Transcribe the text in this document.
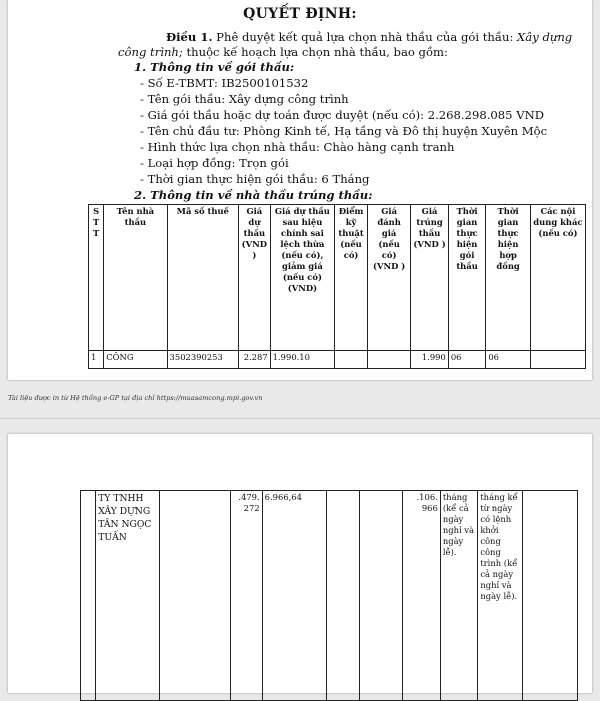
QUYẾT ĐỊNH:
Điều 1. Phê duyệt kết quả lựa chọn nhà thầu của gói thầu: Xây dựng
công trình; thuộc kế hoạch lựa chọn nhà thầu, bao gồm:
1. Thông tin về gói thầu:
- Số E-TBMT: IB2500101532
- Tên gói thầu: Xây dựng công trình
- Giá gói thầu hoặc dự toán được duyệt (nếu có): 2.268.298.085 VND
- Tên chủ đầu tư: Phòng Kinh tế, Hạ tầng và Đô thị huyện Xuyên Mộc
- Hình thức lựa chọn nhà thầu: Chào hàng cạnh tranh
- Loại hợp đồng: Trọn gói
- Thời gian thực hiện gói thầu: 6 Tháng
2. Thông tin về nhà thầu trúng thầu:
S T T	Tên nhà thầu	Mã số thuế	Giá dự thầu (VND )	Giá dự thầu sau hiệu chính sai lệch thừa (nếu có), giảm giá (nếu có) (VND)	Điểm kỹ thuật (nếu có)	Giá đánh giá (nếu có) (VND )	Giá trúng thầu (VND )	Thời gian thực hiện gói thầu	Thời gian thực hiện hợp đồng	Các nội dung khác (nếu có)
1	CÔNG	3502390253	2.287	1.990.10			1.990	06	06	
Tài liệu được in từ Hệ thống e-GP tại địa chỉ https://muasamcong.mpi.gov.vn
	TY TNHH XÂY DỰNG TÂN NGỌC TUẤN		.479. 272	6.966,64			.106. 966	tháng (kể cả ngày nghỉ và ngày lễ).	tháng kể từ ngày có lệnh khởi công công trình (kể cả ngày nghỉ và ngày lễ).	
